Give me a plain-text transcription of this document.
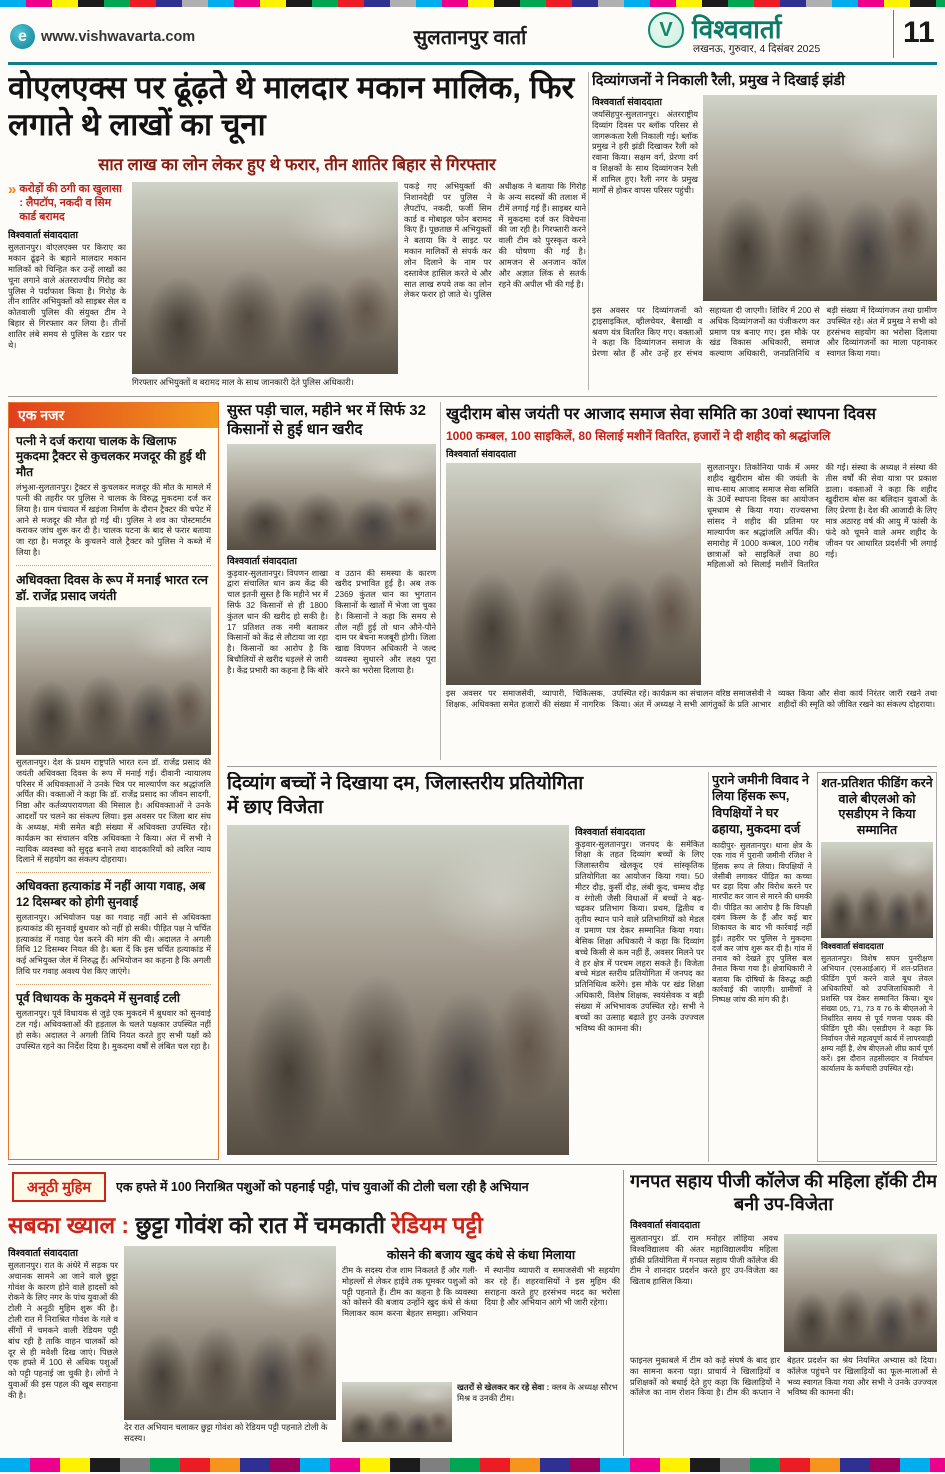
e www.vishwavarta.com	सुलतानपुर वार्ता	V विश्ववार्ता
लखनऊ, गुरुवार, 4 दिसंबर 2025	11
वोएलएक्स पर ढूंढ़ते थे मालदार मकान मालिक, फिर लगाते थे लाखों का चूना
सात लाख का लोन लेकर हुए थे फरार, तीन शातिर बिहार से गिरफ्तार
» करोड़ों की ठगी का खुलासा : लैपटॉप, नकदी व सिम कार्ड बरामद
विश्ववार्ता संवाददाता
सुलतानपुर। वोएलएक्स पर किराए का मकान ढूंढ़ने के बहाने मालदार मकान मालिकों को चिन्हित कर उन्हें लाखों का चूना लगाने वाले अंतरराज्यीय गिरोह का पुलिस ने पर्दाफाश किया है। गिरोह के तीन शातिर अभियुक्तों को साइबर सेल व कोतवाली पुलिस की संयुक्त टीम ने बिहार से गिरफ्तार कर लिया है। तीनों शातिर लंबे समय से पुलिस के रडार पर थे।
पकड़े गए अभियुक्तों की निशानदेही पर पुलिस ने लैपटॉप, नकदी, फर्जी सिम कार्ड व मोबाइल फोन बरामद किए हैं। पूछताछ में अभियुक्तों ने बताया कि वे साइट पर मकान मालिकों से संपर्क कर लोन दिलाने के नाम पर दस्तावेज हासिल करते थे और सात लाख रुपये तक का लोन लेकर फरार हो जाते थे। पुलिस अधीक्षक ने बताया कि गिरोह के अन्य सदस्यों की तलाश में टीमें लगाई गई हैं। साइबर थाने में मुकदमा दर्ज कर विवेचना की जा रही है। गिरफ्तारी करने वाली टीम को पुरस्कृत करने की घोषणा की गई है। आमजन से अनजान कॉल और अज्ञात लिंक से सतर्क रहने की अपील भी की गई है।
गिरफ्तार अभियुक्तों व बरामद माल के साथ जानकारी देते पुलिस अधिकारी।
दिव्यांगजनों ने निकाली रैली, प्रमुख ने दिखाई झंडी
विश्ववार्ता संवाददाता
जयसिंहपुर-सुलतानपुर। अंतरराष्ट्रीय दिव्यांग दिवस पर ब्लॉक परिसर से जागरूकता रैली निकाली गई। ब्लॉक प्रमुख ने हरी झंडी दिखाकर रैली को रवाना किया। सक्षम वर्ग, प्रेरणा वर्ग व शिक्षकों के साथ दिव्यांगजन रैली में शामिल हुए। रैली नगर के प्रमुख मार्गों से होकर वापस परिसर पहुंची।
इस अवसर पर दिव्यांगजनों को ट्राइसाइकिल, व्हीलचेयर, बैसाखी व श्रवण यंत्र वितरित किए गए। वक्ताओं ने कहा कि दिव्यांगजन समाज के प्रेरणा स्रोत हैं और उन्हें हर संभव सहायता दी जाएगी। शिविर में 200 से अधिक दिव्यांगजनों का पंजीकरण कर प्रमाण पत्र बनाए गए। इस मौके पर खंड विकास अधिकारी, समाज कल्याण अधिकारी, जनप्रतिनिधि व बड़ी संख्या में दिव्यांगजन तथा ग्रामीण उपस्थित रहे। अंत में प्रमुख ने सभी को हरसंभव सहयोग का भरोसा दिलाया और दिव्यांगजनों का माला पहनाकर स्वागत किया गया।
एक नजर
पत्नी ने दर्ज कराया चालक के खिलाफ मुकदमा ट्रैक्टर से कुचलकर मजदूर की हुई थी मौत
लंभुआ-सुलतानपुर। ट्रैक्टर से कुचलकर मजदूर की मौत के मामले में पत्नी की तहरीर पर पुलिस ने चालक के विरुद्ध मुकदमा दर्ज कर लिया है। ग्राम पंचायत में खड़ंजा निर्माण के दौरान ट्रैक्टर की चपेट में आने से मजदूर की मौत हो गई थी। पुलिस ने शव का पोस्टमार्टम कराकर जांच शुरू कर दी है। चालक घटना के बाद से फरार बताया जा रहा है। मजदूर के कुचलने वाले ट्रैक्टर को पुलिस ने कब्जे में लिया है।
अधिवक्ता दिवस के रूप में मनाई भारत रत्न डॉ. राजेंद्र प्रसाद जयंती
सुलतानपुर। देश के प्रथम राष्ट्रपति भारत रत्न डॉ. राजेंद्र प्रसाद की जयंती अधिवक्ता दिवस के रूप में मनाई गई। दीवानी न्यायालय परिसर में अधिवक्ताओं ने उनके चित्र पर माल्यार्पण कर श्रद्धांजलि अर्पित की। वक्ताओं ने कहा कि डॉ. राजेंद्र प्रसाद का जीवन सादगी, निष्ठा और कर्तव्यपरायणता की मिसाल है। अधिवक्ताओं ने उनके आदर्शों पर चलने का संकल्प लिया। इस अवसर पर जिला बार संघ के अध्यक्ष, मंत्री समेत बड़ी संख्या में अधिवक्ता उपस्थित रहे। कार्यक्रम का संचालन वरिष्ठ अधिवक्ता ने किया। अंत में सभी ने न्यायिक व्यवस्था को सुदृढ़ बनाने तथा वादकारियों को त्वरित न्याय दिलाने में सहयोग का संकल्प दोहराया।
अधिवक्ता हत्याकांड में नहीं आया गवाह, अब 12 दिसम्बर को होगी सुनवाई
सुलतानपुर। अभियोजन पक्ष का गवाह नहीं आने से अधिवक्ता हत्याकांड की सुनवाई बुधवार को नहीं हो सकी। पीड़ित पक्ष ने चर्चित हत्याकांड में गवाह पेश करने की मांग की थी। अदालत ने अगली तिथि 12 दिसम्बर नियत की है। बता दें कि इस चर्चित हत्याकांड में कई अभियुक्त जेल में निरुद्ध हैं। अभियोजन का कहना है कि अगली तिथि पर गवाह अवश्य पेश किए जाएंगे।
पूर्व विधायक के मुकदमे में सुनवाई टली
सुलतानपुर। पूर्व विधायक से जुड़े एक मुकदमे में बुधवार को सुनवाई टल गई। अधिवक्ताओं की हड़ताल के चलते पक्षकार उपस्थित नहीं हो सके। अदालत ने अगली तिथि नियत करते हुए सभी पक्षों को उपस्थित रहने का निर्देश दिया है। मुकदमा वर्षों से लंबित चल रहा है।
सुस्त पड़ी चाल, महीने भर में सिर्फ 32 किसानों से हुई धान खरीद
विश्ववार्ता संवाददाता
कुड़वार-सुलतानपुर। विपणन शाखा द्वारा संचालित धान क्रय केंद्र की चाल इतनी सुस्त है कि महीने भर में सिर्फ 32 किसानों से ही 1800 कुंतल धान की खरीद हो सकी है। 17 प्रतिशत तक नमी बताकर किसानों को केंद्र से लौटाया जा रहा है। किसानों का आरोप है कि बिचौलियों से खरीद धड़ल्ले से जारी है। केंद्र प्रभारी का कहना है कि बोरे व उठान की समस्या के कारण खरीद प्रभावित हुई है। अब तक 2369 कुंतल धान का भुगतान किसानों के खातों में भेजा जा चुका है। किसानों ने कहा कि समय से तौल नहीं हुई तो धान औने-पौने दाम पर बेचना मजबूरी होगी। जिला खाद्य विपणन अधिकारी ने जल्द व्यवस्था सुधारने और लक्ष्य पूरा करने का भरोसा दिलाया है।
खुदीराम बोस जयंती पर आजाद समाज सेवा समिति का 30वां स्थापना दिवस
1000 कम्बल, 100 साइकिलें, 80 सिलाई मशीनें वितरित, हजारों ने दी शहीद को श्रद्धांजलि
विश्ववार्ता संवाददाता
सुलतानपुर। तिकोनिया पार्क में अमर शहीद खुदीराम बोस की जयंती के साथ-साथ आजाद समाज सेवा समिति के 30वें स्थापना दिवस का आयोजन धूमधाम से किया गया। राज्यसभा सांसद ने शहीद की प्रतिमा पर माल्यार्पण कर श्रद्धांजलि अर्पित की। समारोह में 1000 कम्बल, 100 गरीब छात्राओं को साइकिलें तथा 80 महिलाओं को सिलाई मशीनें वितरित की गईं। संस्था के अध्यक्ष ने संस्था की तीस वर्षों की सेवा यात्रा पर प्रकाश डाला। वक्ताओं ने कहा कि शहीद खुदीराम बोस का बलिदान युवाओं के लिए प्रेरणा है। देश की आजादी के लिए मात्र अठारह वर्ष की आयु में फांसी के फंदे को चूमने वाले अमर शहीद के जीवन पर आधारित प्रदर्शनी भी लगाई गई।
इस अवसर पर समाजसेवी, व्यापारी, चिकित्सक, शिक्षक, अधिवक्ता समेत हजारों की संख्या में नागरिक उपस्थित रहे। कार्यक्रम का संचालन वरिष्ठ समाजसेवी ने किया। अंत में अध्यक्ष ने सभी आगंतुकों के प्रति आभार व्यक्त किया और सेवा कार्य निरंतर जारी रखने तथा शहीदों की स्मृति को जीवित रखने का संकल्प दोहराया।
दिव्यांग बच्चों ने दिखाया दम, जिलास्तरीय प्रतियोगिता में छाए विजेता
विश्ववार्ता संवाददाता
कुड़वार-सुलतानपुर। जनपद के समेकित शिक्षा के तहत दिव्यांग बच्चों के लिए जिलास्तरीय खेलकूद एवं सांस्कृतिक प्रतियोगिता का आयोजन किया गया। 50 मीटर दौड़, कुर्सी दौड़, लंबी कूद, चम्मच दौड़ व रंगोली जैसी विधाओं में बच्चों ने बढ़-चढ़कर प्रतिभाग किया। प्रथम, द्वितीय व तृतीय स्थान पाने वाले प्रतिभागियों को मेडल व प्रमाण पत्र देकर सम्मानित किया गया। बेसिक शिक्षा अधिकारी ने कहा कि दिव्यांग बच्चे किसी से कम नहीं हैं, अवसर मिलने पर वे हर क्षेत्र में परचम लहरा सकते हैं। विजेता बच्चे मंडल स्तरीय प्रतियोगिता में जनपद का प्रतिनिधित्व करेंगे। इस मौके पर खंड शिक्षा अधिकारी, विशेष शिक्षक, स्वयंसेवक व बड़ी संख्या में अभिभावक उपस्थित रहे। सभी ने बच्चों का उत्साह बढ़ाते हुए उनके उज्ज्वल भविष्य की कामना की।
पुराने जमीनी विवाद ने लिया हिंसक रूप, विपक्षियों ने घर ढहाया, मुकदमा दर्ज
कादीपुर- सुलतानपुर। थाना क्षेत्र के एक गांव में पुरानी जमीनी रंजिश ने हिंसक रूप ले लिया। विपक्षियों ने जेसीबी लगाकर पीड़ित का कच्चा घर ढहा दिया और विरोध करने पर मारपीट कर जान से मारने की धमकी दी। पीड़ित का आरोप है कि विपक्षी दबंग किस्म के हैं और कई बार शिकायत के बाद भी कार्रवाई नहीं हुई। तहरीर पर पुलिस ने मुकदमा दर्ज कर जांच शुरू कर दी है। गांव में तनाव को देखते हुए पुलिस बल तैनात किया गया है। क्षेत्राधिकारी ने बताया कि दोषियों के विरुद्ध कड़ी कार्रवाई की जाएगी। ग्रामीणों ने निष्पक्ष जांच की मांग की है।
शत-प्रतिशत फीडिंग करने वाले बीएलओ को एसडीएम ने किया सम्मानित
विश्ववार्ता संवाददाता
सुलतानपुर। विशेष सघन पुनरीक्षण अभियान (एसआईआर) में शत-प्रतिशत फीडिंग पूर्ण करने वाले बूथ लेवल अधिकारियों को उपजिलाधिकारी ने प्रशस्ति पत्र देकर सम्मानित किया। बूथ संख्या 05, 71, 73 व 76 के बीएलओ ने निर्धारित समय से पूर्व गणना पत्रक की फीडिंग पूरी की। एसडीएम ने कहा कि निर्वाचन जैसे महत्वपूर्ण कार्य में लापरवाही क्षम्य नहीं है, शेष बीएलओ शीघ्र कार्य पूर्ण करें। इस दौरान तहसीलदार व निर्वाचन कार्यालय के कर्मचारी उपस्थित रहे।
अनूठी मुहिम	एक हफ्ते में 100 निराश्रित पशुओं को पहनाई पट्टी, पांच युवाओं की टोली चला रही है अभियान
सबका ख्याल : छुट्टा गोवंश को रात में चमकाती रेडियम पट्टी
विश्ववार्ता संवाददाता
सुलतानपुर। रात के अंधेरे में सड़क पर अचानक सामने आ जाने वाले छुट्टा गोवंश के कारण होने वाले हादसों को रोकने के लिए नगर के पांच युवाओं की टोली ने अनूठी मुहिम शुरू की है। टोली रात में निराश्रित गोवंश के गले व सींगों में चमकने वाली रेडियम पट्टी बांध रही है ताकि वाहन चालकों को दूर से ही मवेशी दिख जाएं। पिछले एक हफ्ते में 100 से अधिक पशुओं को पट्टी पहनाई जा चुकी है। लोगों ने युवाओं की इस पहल की खूब सराहना की है।
देर रात अभियान चलाकर छुट्टा गोवंश को रेडियम पट्टी पहनाते टोली के सदस्य।
कोसने की बजाय खुद कंधे से कंधा मिलाया
टीम के सदस्य रोज शाम निकलते हैं और गली-मोहल्लों से लेकर हाईवे तक घूमकर पशुओं को पट्टी पहनाते हैं। टीम का कहना है कि व्यवस्था को कोसने की बजाय उन्होंने खुद कंधे से कंधा मिलाकर काम करना बेहतर समझा। अभियान में स्थानीय व्यापारी व समाजसेवी भी सहयोग कर रहे हैं। शहरवासियों ने इस मुहिम की सराहना करते हुए हरसंभव मदद का भरोसा दिया है और अभियान आगे भी जारी रहेगा।
खतरों से खेलकर कर रहे सेवा : क्लब के अध्यक्ष सौरभ मिश्र व उनकी टीम।
गनपत सहाय पीजी कॉलेज की महिला हॉकी टीम बनी उप-विजेता
विश्ववार्ता संवाददाता
सुलतानपुर। डॉ. राम मनोहर लोहिया अवध विश्वविद्यालय की अंतर महाविद्यालयीय महिला हॉकी प्रतियोगिता में गनपत सहाय पीजी कॉलेज की टीम ने शानदार प्रदर्शन करते हुए उप-विजेता का खिताब हासिल किया।
फाइनल मुकाबले में टीम को कड़े संघर्ष के बाद हार का सामना करना पड़ा। प्राचार्य ने खिलाड़ियों व प्रशिक्षकों को बधाई देते हुए कहा कि खिलाड़ियों ने कॉलेज का नाम रोशन किया है। टीम की कप्तान ने बेहतर प्रदर्शन का श्रेय नियमित अभ्यास को दिया। कॉलेज पहुंचने पर खिलाड़ियों का फूल-मालाओं से भव्य स्वागत किया गया और सभी ने उनके उज्ज्वल भविष्य की कामना की।
